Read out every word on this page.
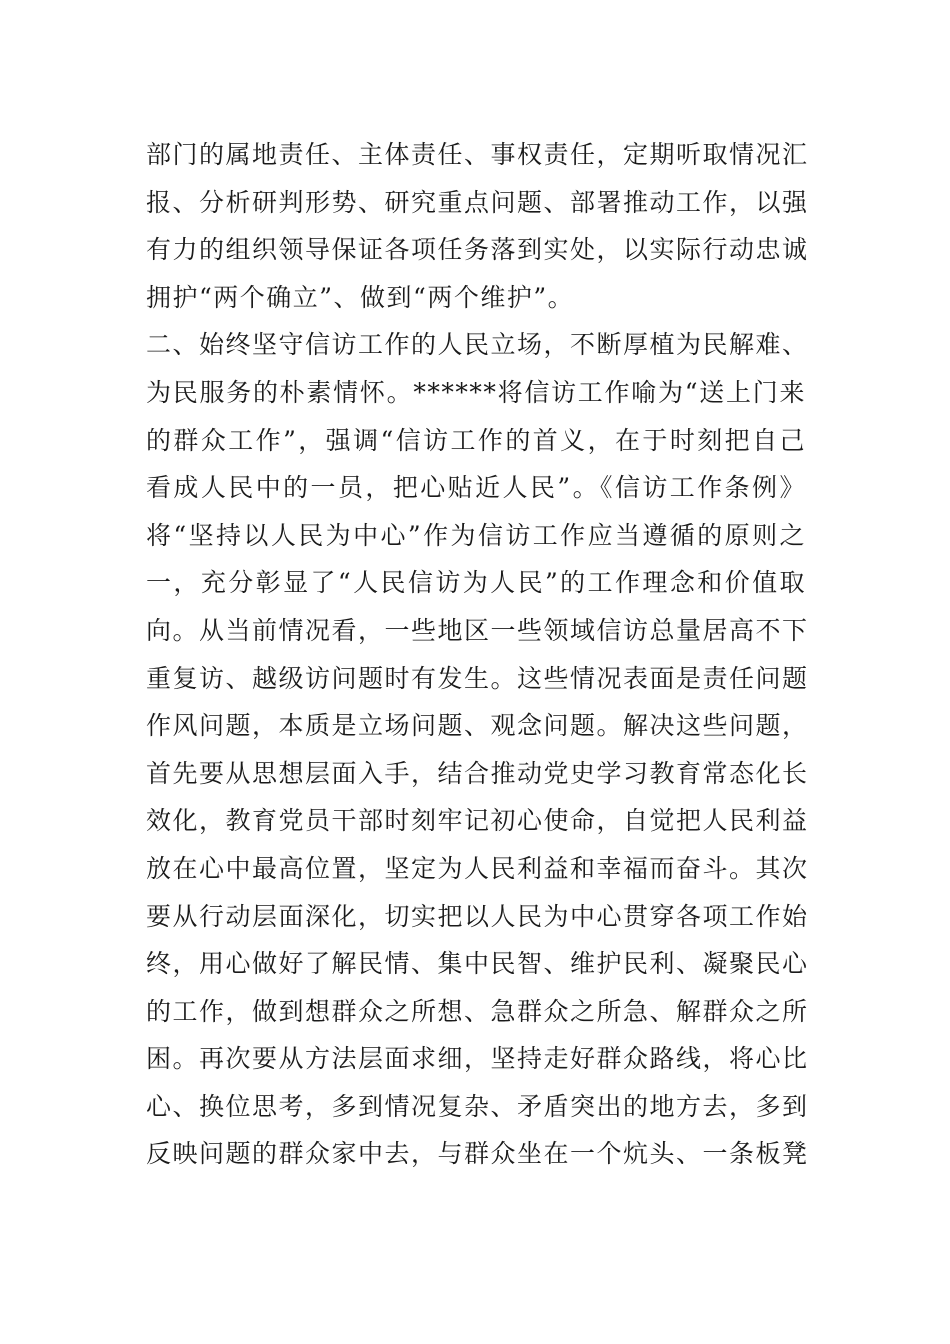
部门的属地责任、主体责任、事权责任，定期听取情况汇
报、分析研判形势、研究重点问题、部署推动工作，以强
有力的组织领导保证各项任务落到实处，以实际行动忠诚
拥护“两个确立”、做到“两个维护”。
二、始终坚守信访工作的人民立场，不断厚植为民解难、
为民服务的朴素情怀。******将信访工作喻为“送上门来
的群众工作”，强调“信访工作的首义，在于时刻把自己
看成人民中的一员，把心贴近人民”。《信访工作条例》
将“坚持以人民为中心”作为信访工作应当遵循的原则之
一，充分彰显了“人民信访为人民”的工作理念和价值取
向。从当前情况看，一些地区一些领域信访总量居高不下
重复访、越级访问题时有发生。这些情况表面是责任问题
作风问题，本质是立场问题、观念问题。解决这些问题，
首先要从思想层面入手，结合推动党史学习教育常态化长
效化，教育党员干部时刻牢记初心使命，自觉把人民利益
放在心中最高位置，坚定为人民利益和幸福而奋斗。其次
要从行动层面深化，切实把以人民为中心贯穿各项工作始
终，用心做好了解民情、集中民智、维护民利、凝聚民心
的工作，做到想群众之所想、急群众之所急、解群众之所
困。再次要从方法层面求细，坚持走好群众路线，将心比
心、换位思考，多到情况复杂、矛盾突出的地方去，多到
反映问题的群众家中去，与群众坐在一个炕头、一条板凳
